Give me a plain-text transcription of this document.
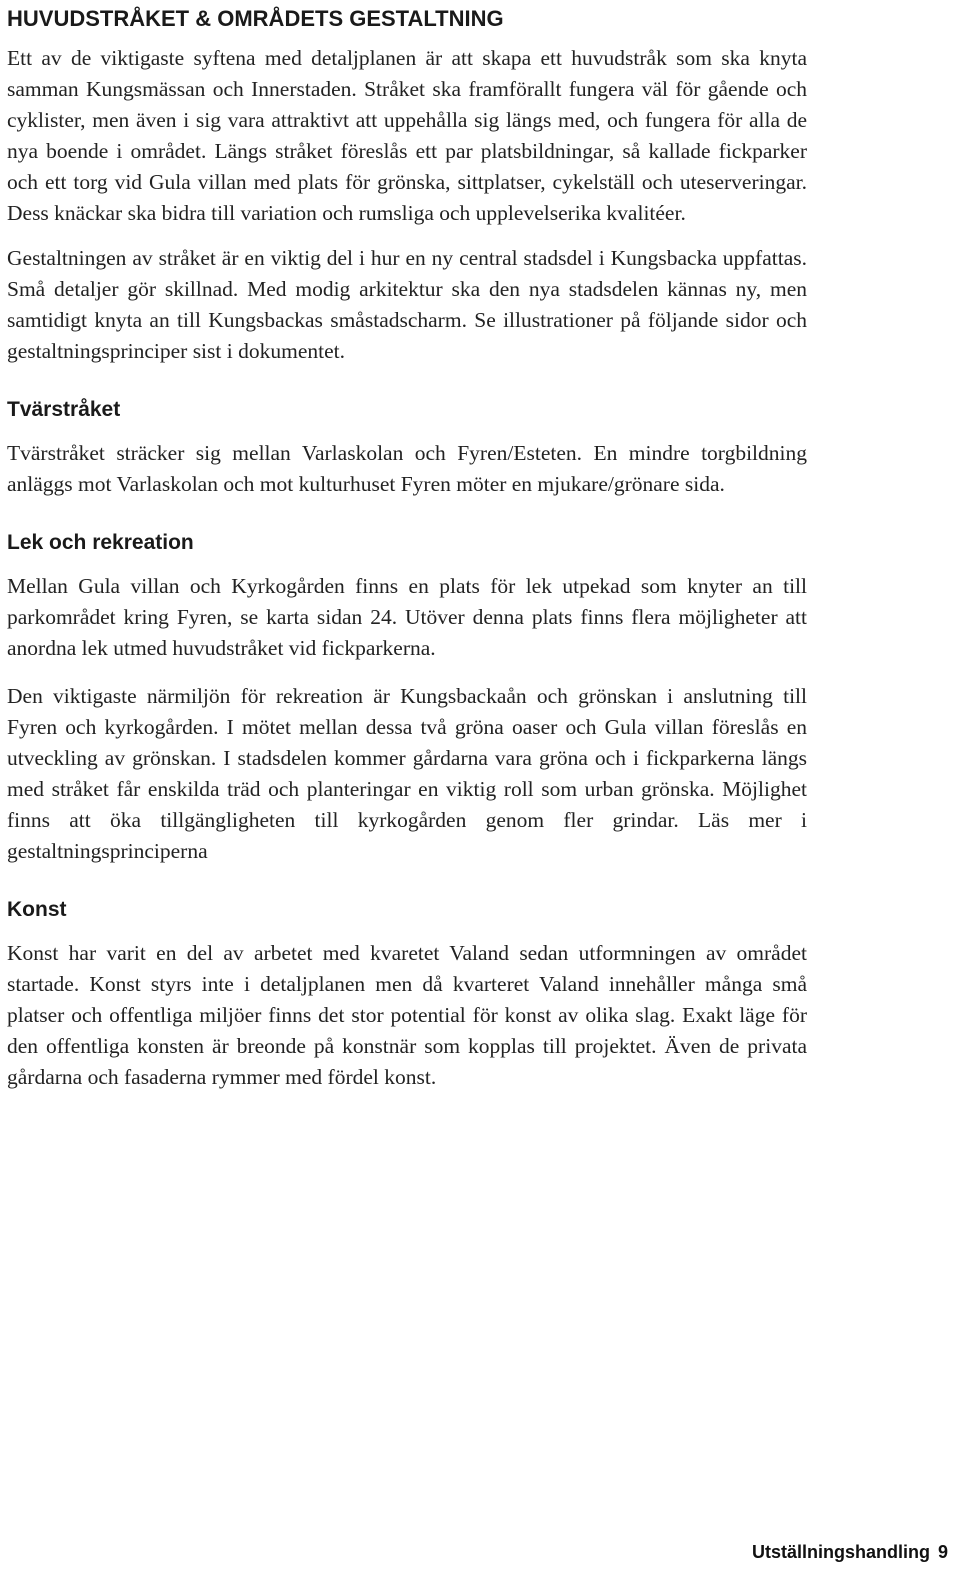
HUVUDSTRÅKET & OMRÅDETS GESTALTNING

Ett av de viktigaste syftena med detaljplanen är att skapa ett huvudstråk som ska knyta samman Kungsmässan och Innerstaden. Stråket ska framförallt fungera väl för gående och cyklister, men även i sig vara attraktivt att uppehålla sig längs med, och fungera för alla de nya boende i området. Längs stråket föreslås ett par platsbildningar, så kallade fickparker och ett torg vid Gula villan med plats för grönska, sittplatser, cykelställ och uteserveringar. Dess knäckar ska bidra till variation och rumsliga och upplevelserika kvalitéer.

Gestaltningen av stråket är en viktig del i hur en ny central stadsdel i Kungsbacka uppfattas. Små detaljer gör skillnad. Med modig arkitektur ska den nya stadsdelen kännas ny, men samtidigt knyta an till Kungsbackas småstadscharm. Se illustrationer på följande sidor och gestaltningsprinciper sist i dokumentet.

Tvärstråket

Tvärstråket sträcker sig mellan Varlaskolan och Fyren/Esteten. En mindre torgbildning anläggs mot Varlaskolan och mot kulturhuset Fyren möter en mjukare/grönare sida.

Lek och rekreation

Mellan Gula villan och Kyrkogården finns en plats för lek utpekad som knyter an till parkområdet kring Fyren, se karta sidan 24. Utöver denna plats finns flera möjligheter att anordna lek utmed huvudstråket vid fickparkerna.

Den viktigaste närmiljön för rekreation är Kungsbackaån och grönskan i anslutning till Fyren och kyrkogården. I mötet mellan dessa två gröna oaser och Gula villan föreslås en utveckling av grönskan. I stadsdelen kommer gårdarna vara gröna och i fickparkerna längs med stråket får enskilda träd och planteringar en viktig roll som urban grönska. Möjlighet finns att öka tillgängligheten till kyrkogården genom fler grindar. Läs mer i gestaltningsprinciperna

Konst

Konst har varit en del av arbetet med kvaretet Valand sedan utformningen av området startade. Konst styrs inte i detaljplanen men då kvarteret Valand innehåller många små platser och offentliga miljöer finns det stor potential för konst av olika slag. Exakt läge för den offentliga konsten är breonde på konstnär som kopplas till projektet. Även de privata gårdarna och fasaderna rymmer med fördel konst.

Utställningshandling 9
